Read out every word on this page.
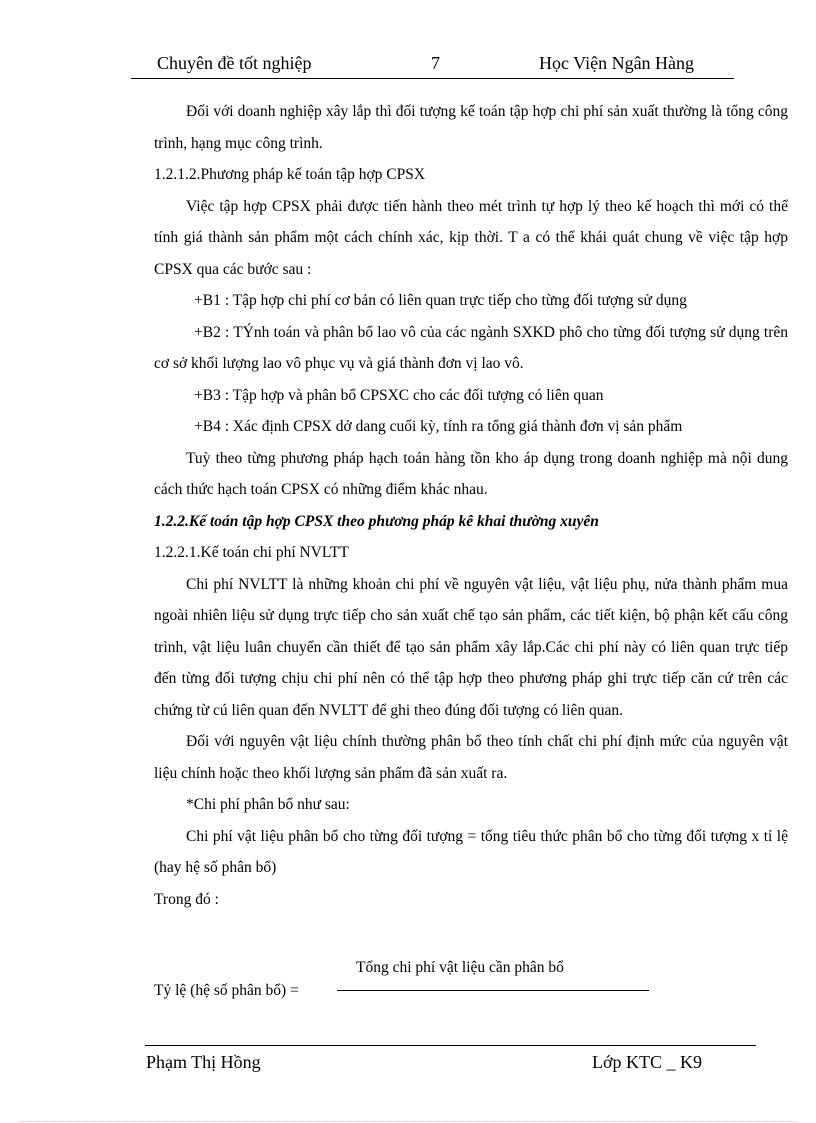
Chuyên đề tốt nghiệp	7	Học Viện Ngân Hàng

Đối với doanh nghiệp xây lắp thì đối tượng kế toán tập hợp chi phí sản xuất thường là tổng công trình, hạng mục công trình.

1.2.1.2.Phương pháp kế toán tập hợp CPSX

Việc tập hợp CPSX phải được tiến hành theo mét trình tự hợp lý theo kế hoạch thì mới có thể tính giá thành sản phẩm một cách chính xác, kịp thời. T a có thể khái quát chung về việc tập hợp CPSX qua các bước sau :

+B1 : Tập hợp chi phí cơ bản có liên quan trực tiếp cho từng đối tượng sử dụng

+B2 : TÝnh toán và phân bổ lao vô của các ngành SXKD phô cho từng đối tượng sử dụng trên cơ sở khối lượng lao vô phục vụ và giá thành đơn vị lao vô.

+B3 : Tập hợp và phân bổ CPSXC cho các đối tượng có liên quan

+B4 : Xác định CPSX dở dang cuối kỳ, tính ra tổng giá thành đơn vị sản phẩm

Tuỳ theo từng phương pháp hạch toán hàng tồn kho áp dụng trong doanh nghiệp mà nội dung cách thức hạch toán CPSX có những điểm khác nhau.

1.2.2.Kế toán tập hợp CPSX theo phương pháp kê khai thường xuyên

1.2.2.1.Kế toán chi phí NVLTT

Chi phí NVLTT là những khoản chi phí về nguyên vật liệu, vật liệu phụ, nửa thành phẩm mua ngoài nhiên liệu sử dụng trực tiếp cho sản xuất chế tạo sản phẩm, các tiết kiện, bộ phận kết cấu công trình, vật liệu luân chuyển cần thiết để tạo sản phẩm xây lắp.Các chi phí này có liên quan trực tiếp đến từng đối tượng chịu chi phí nên có thể tập hợp theo phương pháp ghi trực tiếp căn cứ trên các chứng từ cú liên quan đến NVLTT để ghi theo đúng đối tượng có liên quan.

Đối với nguyên vật liệu chính thường phân bổ theo tính chất chi phí định mức của nguyên vật liệu chính hoặc theo khối lượng sản phẩm đã sản xuất ra.

*Chi phí phân bổ như sau:

Chi phí vật liệu phân bổ cho từng đối tượng = tổng tiêu thức phân bổ cho từng đối tượng x tỉ lệ (hay hệ số phân bổ)

Trong đó :

Tỷ lệ (hệ số phân bổ) =
Tổng chi phí vật liệu cần phân bổ
Phạm Thị Hồng	Lớp KTC _ K9
